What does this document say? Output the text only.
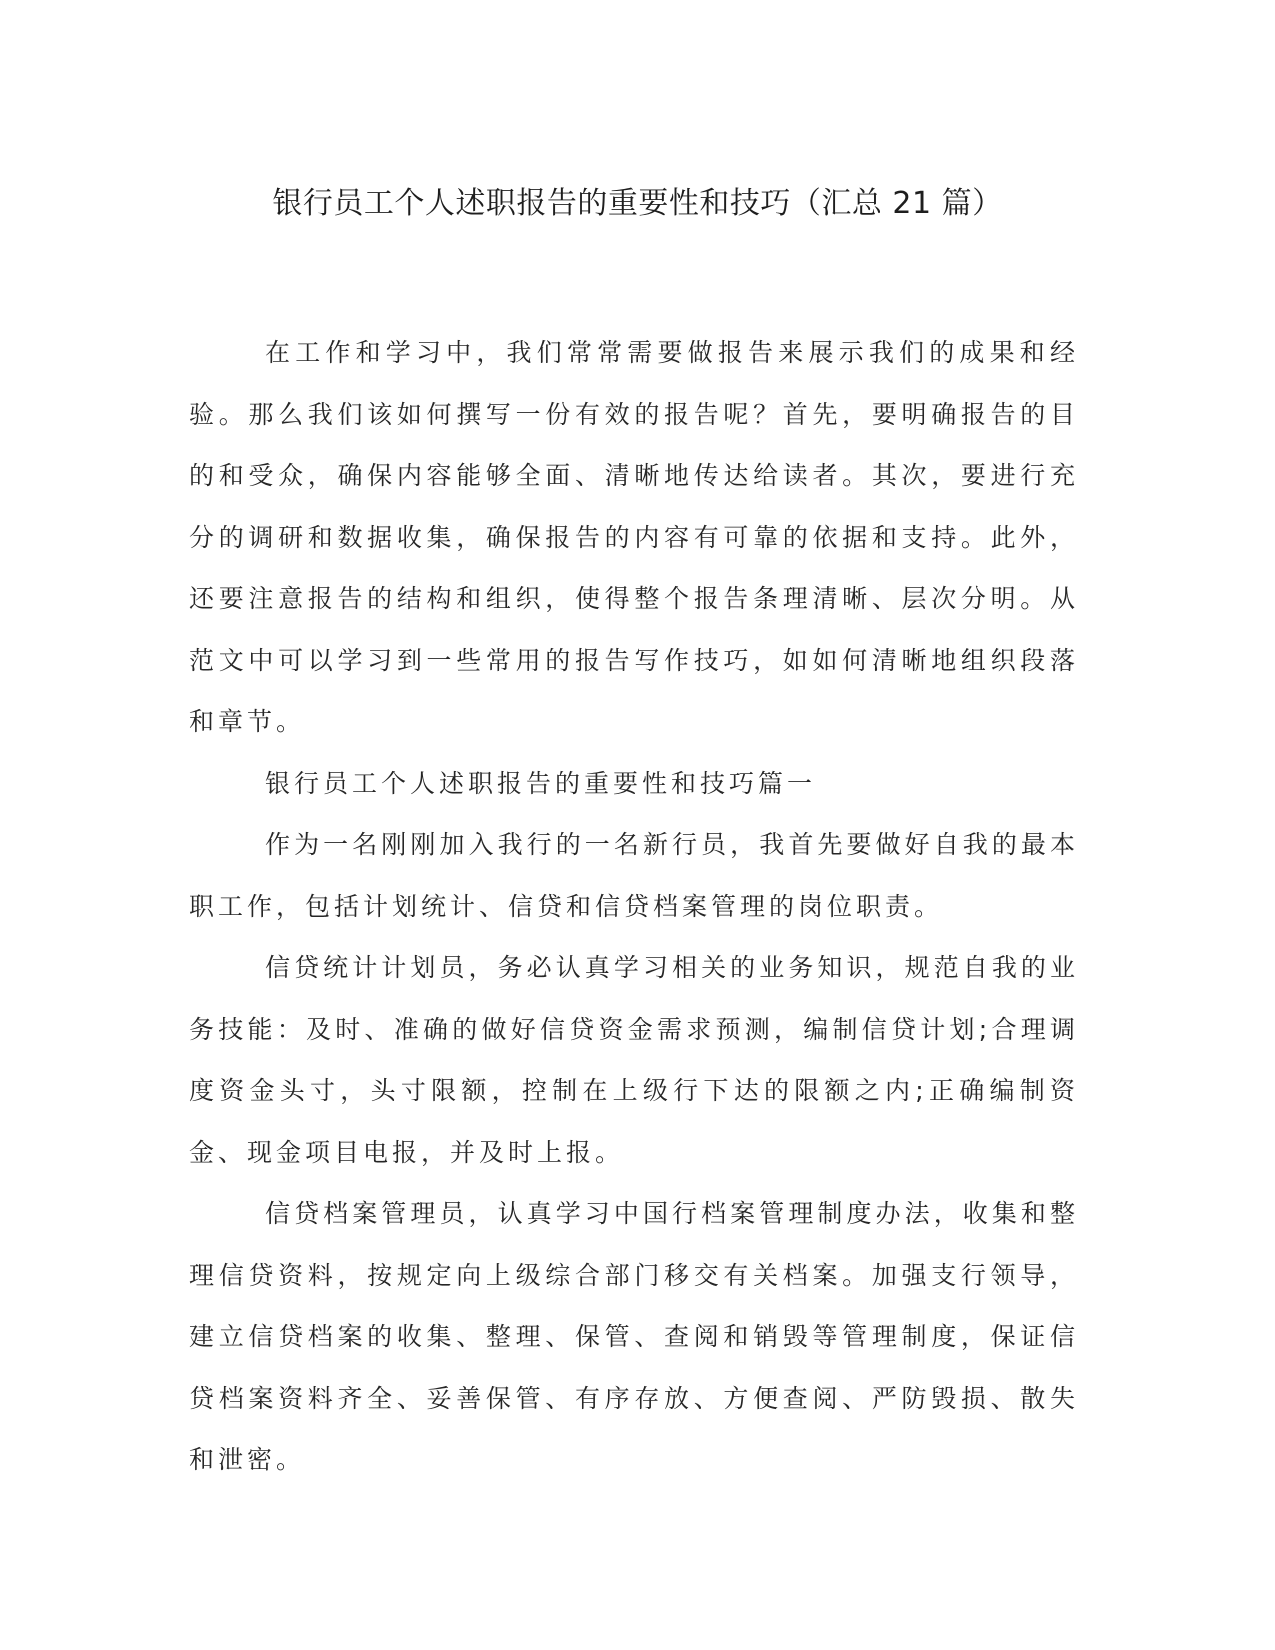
银行员工个人述职报告的重要性和技巧（汇总 21 篇）

在工作和学习中，我们常常需要做报告来展示我们的成果和经验。那么我们该如何撰写一份有效的报告呢？首先，要明确报告的目的和受众，确保内容能够全面、清晰地传达给读者。其次，要进行充分的调研和数据收集，确保报告的内容有可靠的依据和支持。此外，还要注意报告的结构和组织，使得整个报告条理清晰、层次分明。从范文中可以学习到一些常用的报告写作技巧，如如何清晰地组织段落和章节。

银行员工个人述职报告的重要性和技巧篇一

作为一名刚刚加入我行的一名新行员，我首先要做好自我的最本职工作，包括计划统计、信贷和信贷档案管理的岗位职责。

信贷统计计划员，务必认真学习相关的业务知识，规范自我的业务技能：及时、准确的做好信贷资金需求预测，编制信贷计划;合理调度资金头寸，头寸限额，控制在上级行下达的限额之内;正确编制资金、现金项目电报，并及时上报。

信贷档案管理员，认真学习中国行档案管理制度办法，收集和整理信贷资料，按规定向上级综合部门移交有关档案。加强支行领导，建立信贷档案的收集、整理、保管、查阅和销毁等管理制度，保证信贷档案资料齐全、妥善保管、有序存放、方便查阅、严防毁损、散失和泄密。
